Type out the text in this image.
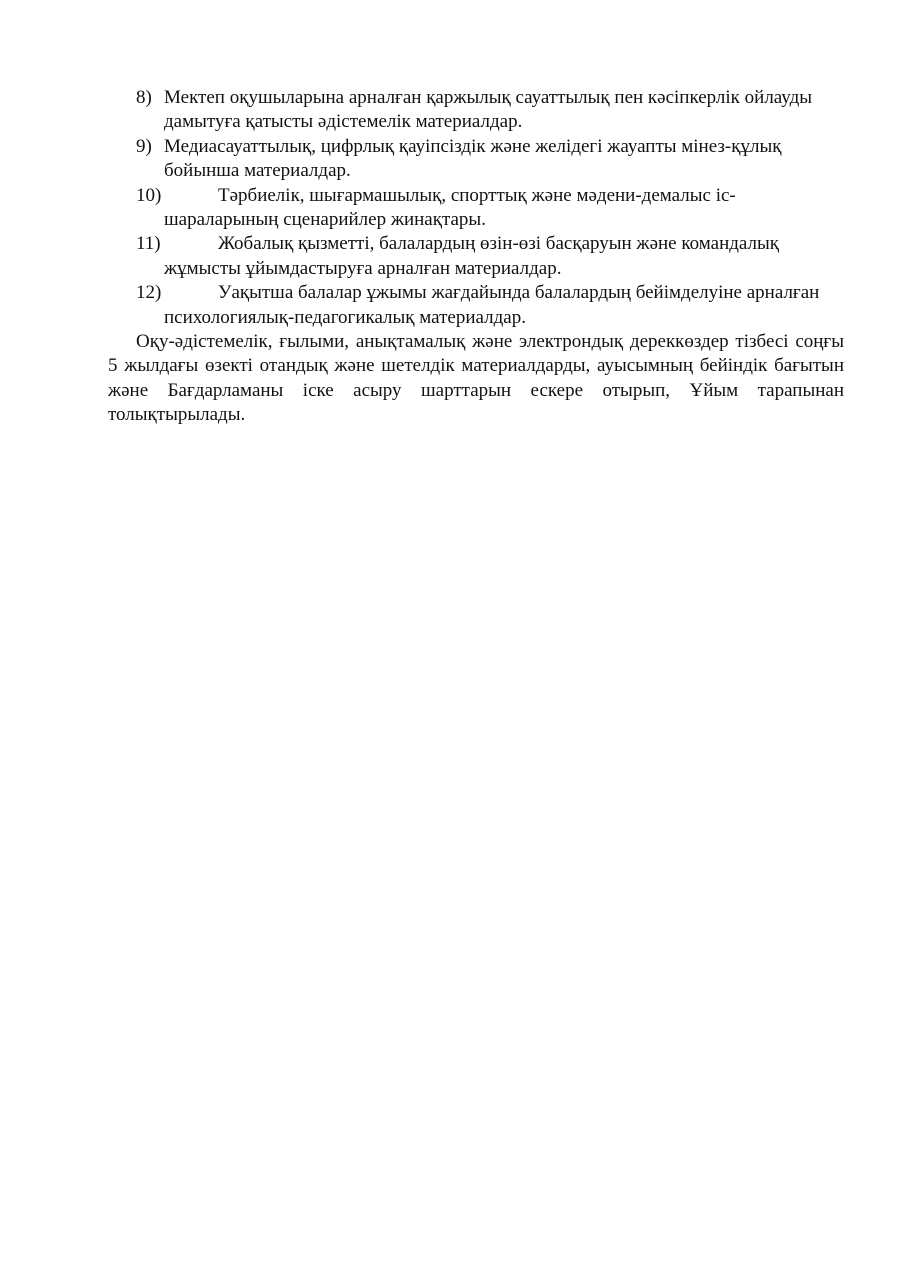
8) Мектеп оқушыларына арналған қаржылық сауаттылық пен кәсіпкерлік ойлауды дамытуға қатысты әдістемелік материалдар.
9) Медиасауаттылық, цифрлық қауіпсіздік және желідегі жауапты мінез-құлық бойынша материалдар.
10)	Тәрбиелік, шығармашылық, спорттық және мәдени-демалыс іс-шараларының сценарийлер жинақтары.
11)	Жобалық қызметті, балалардың өзін-өзі басқаруын және командалық жұмысты ұйымдастыруға арналған материалдар.
12)	Уақытша балалар ұжымы жағдайында балалардың бейімделуіне арналған психологиялық-педагогикалық материалдар.
Оқу-әдістемелік, ғылыми, анықтамалық және электрондық дереккөздер тізбесі соңғы 5 жылдағы өзекті отандық және шетелдік материалдарды, ауысымның бейіндік бағытын және Бағдарламаны іске асыру шарттарын ескере отырып, Ұйым тарапынан толықтырылады.
